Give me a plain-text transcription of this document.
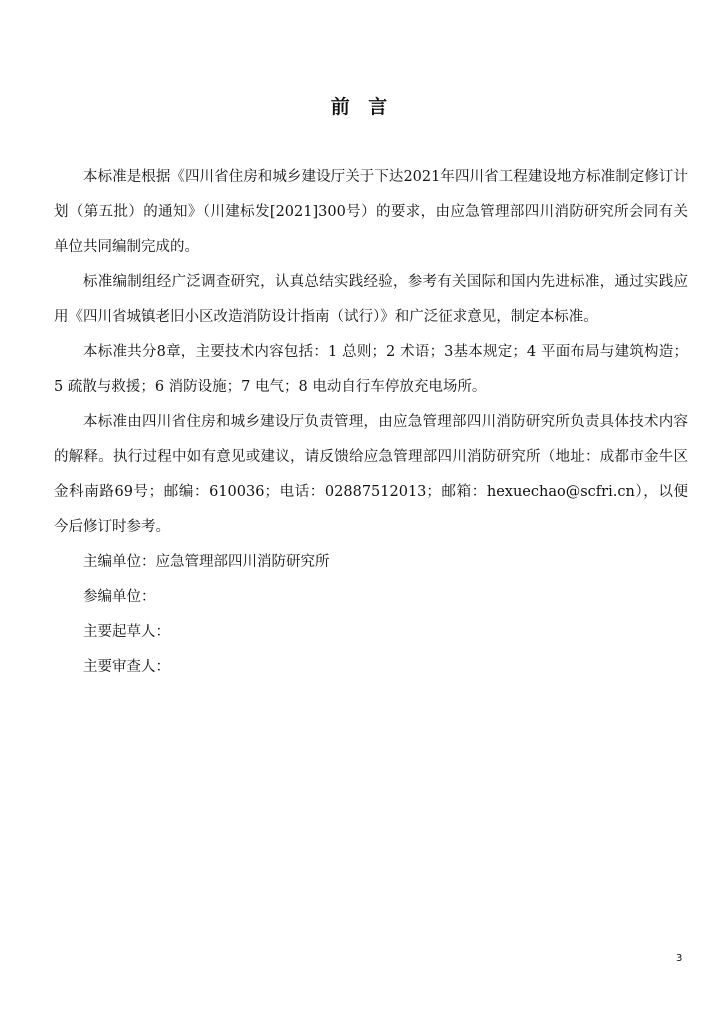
前 言

本标准是根据《四川省住房和城乡建设厅关于下达2021年四川省工程建设地方标准制定修订计划（第五批）的通知》（川建标发[2021]300号）的要求，由应急管理部四川消防研究所会同有关单位共同编制完成的。

标准编制组经广泛调查研究，认真总结实践经验，参考有关国际和国内先进标准，通过实践应用《四川省城镇老旧小区改造消防设计指南（试行）》和广泛征求意见，制定本标准。

本标准共分8章，主要技术内容包括：1 总则；2 术语；3基本规定；4 平面布局与建筑构造；5 疏散与救援；6 消防设施；7 电气；8 电动自行车停放充电场所。

本标准由四川省住房和城乡建设厅负责管理，由应急管理部四川消防研究所负责具体技术内容的解释。执行过程中如有意见或建议，请反馈给应急管理部四川消防研究所（地址：成都市金牛区金科南路69号；邮编：610036；电话：02887512013；邮箱：hexuechao@scfri.cn），以便今后修订时参考。

主编单位：应急管理部四川消防研究所

参编单位：

主要起草人：

主要审查人：

3
